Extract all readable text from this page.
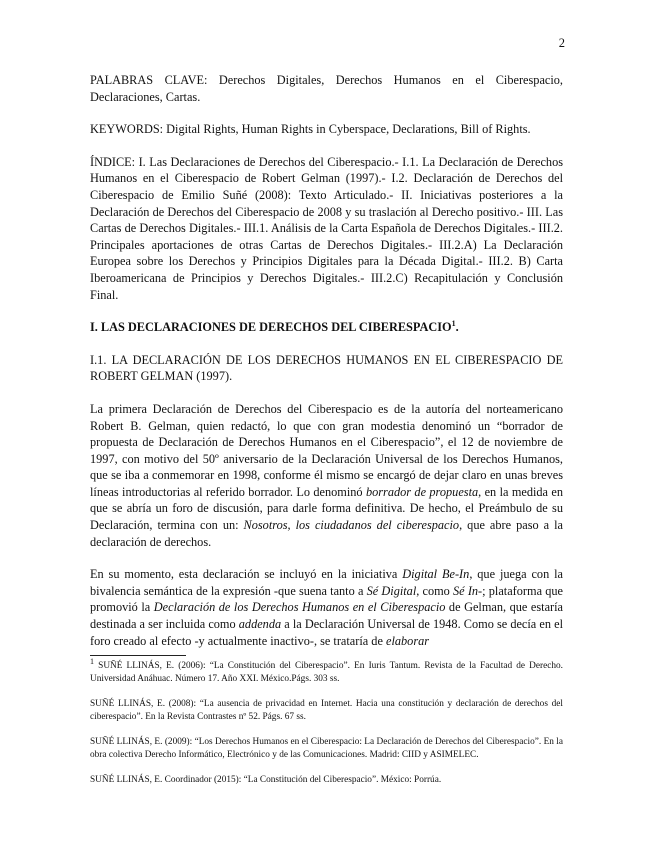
2

PALABRAS CLAVE: Derechos Digitales, Derechos Humanos en el Ciberespacio, Declaraciones, Cartas.

KEYWORDS: Digital Rights, Human Rights in Cyberspace, Declarations, Bill of Rights.

ÍNDICE: I. Las Declaraciones de Derechos del Ciberespacio.- I.1. La Declaración de Derechos Humanos en el Ciberespacio de Robert Gelman (1997).- I.2. Declaración de Derechos del Ciberespacio de Emilio Suñé (2008): Texto Articulado.- II. Iniciativas posteriores a la Declaración de Derechos del Ciberespacio de 2008 y su traslación al Derecho positivo.- III. Las Cartas de Derechos Digitales.- III.1. Análisis de la Carta Española de Derechos Digitales.- III.2. Principales aportaciones de otras Cartas de Derechos Digitales.- III.2.A) La Declaración Europea sobre los Derechos y Principios Digitales para la Década Digital.- III.2. B) Carta Iberoamericana de Principios y Derechos Digitales.- III.2.C) Recapitulación y Conclusión Final.

I. LAS DECLARACIONES DE DERECHOS DEL CIBERESPACIO$^1$.

I.1. LA DECLARACIÓN DE LOS DERECHOS HUMANOS EN EL CIBERESPACIO DE ROBERT GELMAN (1997).

La primera Declaración de Derechos del Ciberespacio es de la autoría del norteamericano Robert B. Gelman, quien redactó, lo que con gran modestia denominó un “borrador de propuesta de Declaración de Derechos Humanos en el Ciberespacio”, el 12 de noviembre de 1997, con motivo del 50º aniversario de la Declaración Universal de los Derechos Humanos, que se iba a conmemorar en 1998, conforme él mismo se encargó de dejar claro en unas breves líneas introductorias al referido borrador. Lo denominó borrador de propuesta, en la medida en que se abría un foro de discusión, para darle forma definitiva. De hecho, el Preámbulo de su Declaración, termina con un: Nosotros, los ciudadanos del ciberespacio, que abre paso a la declaración de derechos.

En su momento, esta declaración se incluyó en la iniciativa Digital Be-In, que juega con la bivalencia semántica de la expresión -que suena tanto a Sé Digital, como Sé In-; plataforma que promovió la Declaración de los Derechos Humanos en el Ciberespacio de Gelman, que estaría destinada a ser incluida como addenda a la Declaración Universal de 1948. Como se decía en el foro creado al efecto -y actualmente inactivo-, se trataría de elaborar

$^1$ SUÑÉ LLINÁS, E. (2006): “La Constitución del Ciberespacio”. En Iuris Tantum. Revista de la Facultad de Derecho. Universidad Anáhuac. Número 17. Año XXI. México.Págs. 303 ss.

SUÑÉ LLINÁS, E. (2008): “La ausencia de privacidad en Internet. Hacia una constitución y declaración de derechos del ciberespacio”. En la Revista Contrastes nº 52. Págs. 67 ss.

SUÑÉ LLINÁS, E. (2009): “Los Derechos Humanos en el Ciberespacio: La Declaración de Derechos del Ciberespacio”. En la obra colectiva Derecho Informático, Electrónico y de las Comunicaciones. Madrid: CIID y ASIMELEC.

SUÑÉ LLINÁS, E. Coordinador (2015): “La Constitución del Ciberespacio”. México: Porrúa.
